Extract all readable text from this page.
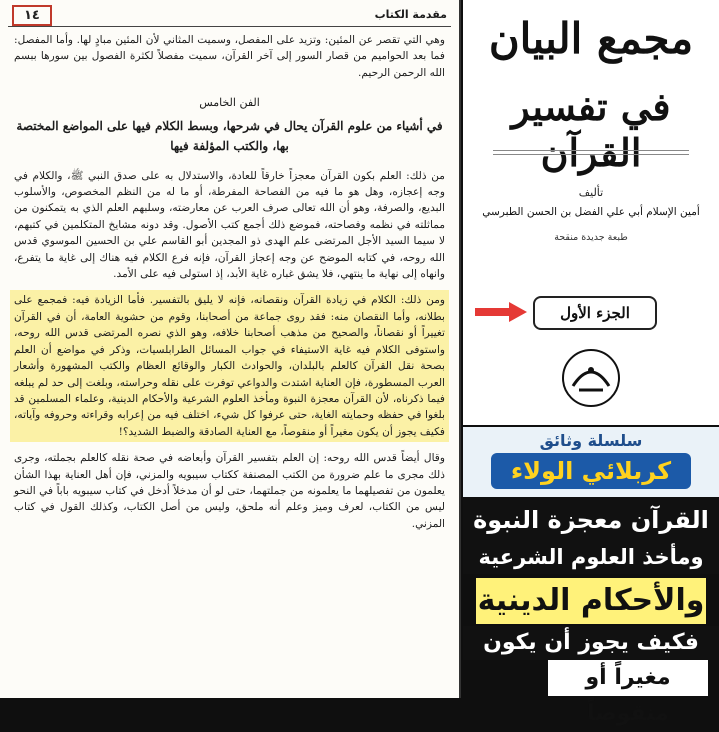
مقدمة الكتاب
١٤

وهي التي تقصر عن المئين: وتزيد على المفصل، وسميت المثاني لأن المئين مبادٍ لها. وأما المفصل: فما بعد الحواميم من قصار السور إلى آخر القرآن، سميت مفصلاً لكثرة الفصول بين سورها ببسم الله الرحمن الرحيم.

الفن الخامس
في أشياء من علوم القرآن يحال في شرحها، وبسط الكلام فيها على المواضع المختصة بها، والكتب المؤلفة فيها

من ذلك: العلم بكون القرآن معجزاً خارقاً للعادة، والاستدلال به على صدق النبي ﷺ، والكلام في وجه إعجازه، وهل هو ما فيه من الفصاحة المفرطة، أو ما له من النظم المخصوص، والأسلوب البديع، والصرفة، وهو أن الله تعالى صرف العرب عن معارضته، وسلبهم العلم الذي به يتمكنون من مماثلته في نظمه وفصاحته، فموضع ذلك أجمع كتب الأصول. وقد دونه مشايخ المتكلمين في كتبهم، لا سيما السيد الأجل المرتضى علم الهدى ذو المجدين أبو القاسم علي بن الحسين الموسوي قدس الله روحه، في كتابه الموضح عن وجه إعجاز القرآن، فإنه فرع الكلام فيه هناك إلى غاية ما يتفرع، وانهاه إلى نهاية ما ينتهي، فلا يشق غباره غاية الأبد، إذ استولى فيه على الأمد.

ومن ذلك: الكلام في زيادة القرآن ونقصانه، فإنه لا يليق بالتفسير. فأما الزيادة فيه: فمجمع على بطلانه، وأما النقصان منه: فقد روى جماعة من أصحابنا، وقوم من حشوية العامة، أن في القرآن تغييراً أو نقصاناً، والصحيح من مذهب أصحابنا خلافه، وهو الذي نصره المرتضى قدس الله روحه، واستوفى الكلام فيه غاية الاستيفاء في جواب المسائل الطرابلسيات، وذكر في مواضع أن العلم بصحة نقل القرآن كالعلم بالبلدان، والحوادث الكبار والوقائع العظام والكتب المشهورة وأشعار العرب المسطورة، فإن العناية اشتدت والدواعي توفرت على نقله وحراسته، وبلغت إلى حد لم يبلغه فيما ذكرناه، لأن القرآن معجزة النبوة ومأخذ العلوم الشرعية والأحكام الدينية، وعلماء المسلمين قد بلغوا في حفظه وحمايته الغاية، حتى عرفوا كل شيء، اختلف فيه من إعرابه وقراءته وحروفه وآياته، فكيف يجوز أن يكون مغيراً أو منقوصاً، مع العناية الصادقة والضبط الشديد؟!

وقال أيضاً قدس الله روحه: إن العلم بتفسير القرآن وأبعاضه في صحة نقله كالعلم بجملته، وجرى ذلك مجرى ما علم ضرورة من الكتب المصنفة ككتاب سيبويه والمزني، فإن أهل العناية بهذا الشأن يعلمون من تفصيلهما ما يعلمونه من جملتهما، حتى لو أن مدخلاً أدخل في كتاب سيبويه باباً في النحو ليس من الكتاب، لعرف وميز وعلم أنه ملحق، وليس من أصل الكتاب، وكذلك القول في كتاب المزني.

مجمع البيان
في تفسير القرآن
تأليف
أمين الإسلام أبي علي الفضل بن الحسن الطبرسي
طبعة جديدة منقحة
الجزء الأول
سلسلة وثائق
كربلائي الولاء
القرآن معجزة النبوة
ومأخذ العلوم الشرعية
والأحكام الدينية
فكيف يجوز أن يكون
مغيراً أو منقوصاً
